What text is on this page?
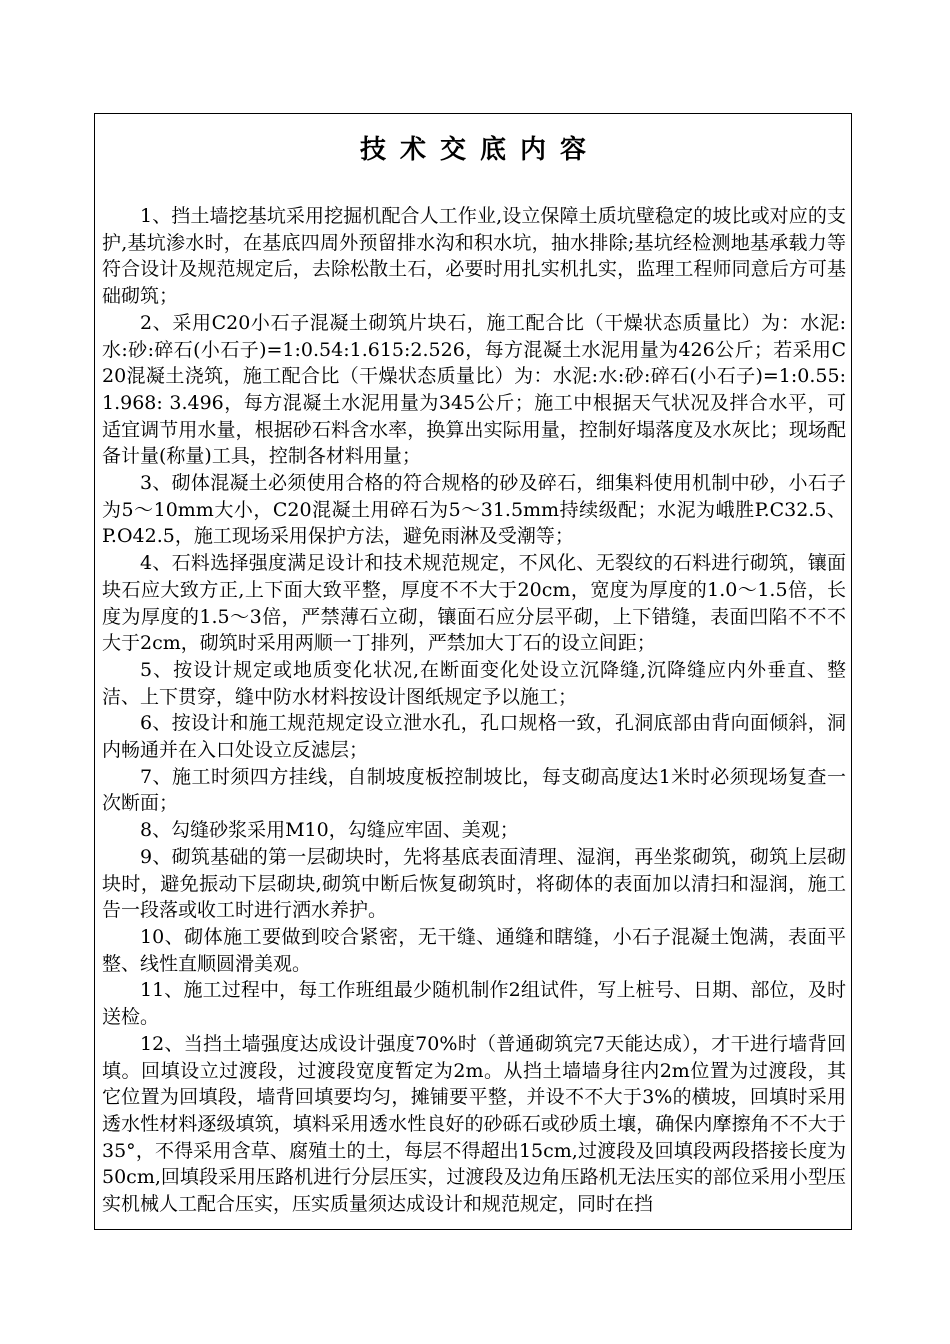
技术交底内容

1、挡土墙挖基坑采用挖掘机配合人工作业,设立保障土质坑壁稳定的坡比或对应的支护,基坑渗水时，在基底四周外预留排水沟和积水坑，抽水排除;基坑经检测地基承载力等符合设计及规范规定后，去除松散土石，必要时用扎实机扎实，监理工程师同意后方可基础砌筑；

2、采用C20小石子混凝土砌筑片块石，施工配合比（干燥状态质量比）为：水泥:水:砂:碎石(小石子)=1:0.54:1.615:2.526，每方混凝土水泥用量为426公斤；若采用C20混凝土浇筑，施工配合比（干燥状态质量比）为：水泥:水:砂:碎石(小石子)=1:0.55:1.968: 3.496，每方混凝土水泥用量为345公斤；施工中根据天气状况及拌合水平，可适宜调节用水量，根据砂石料含水率，换算出实际用量，控制好塌落度及水灰比；现场配备计量(称量)工具，控制各材料用量；

3、砌体混凝土必须使用合格的符合规格的砂及碎石，细集料使用机制中砂，小石子为5～10mm大小，C20混凝土用碎石为5～31.5mm持续级配；水泥为峨胜P.C32.5、P.O42.5，施工现场采用保护方法，避免雨淋及受潮等；

4、石料选择强度满足设计和技术规范规定，不风化、无裂纹的石料进行砌筑，镶面块石应大致方正,上下面大致平整，厚度不不大于20cm，宽度为厚度的1.0～1.5倍，长度为厚度的1.5～3倍，严禁薄石立砌，镶面石应分层平砌，上下错缝，表面凹陷不不不大于2cm，砌筑时采用两顺一丁排列，严禁加大丁石的设立间距；

5、按设计规定或地质变化状况,在断面变化处设立沉降缝,沉降缝应内外垂直、整洁、上下贯穿，缝中防水材料按设计图纸规定予以施工；

6、按设计和施工规范规定设立泄水孔，孔口规格一致，孔洞底部由背向面倾斜，洞内畅通并在入口处设立反滤层；

7、施工时须四方挂线，自制坡度板控制坡比，每支砌高度达1米时必须现场复查一次断面；

8、勾缝砂浆采用M10，勾缝应牢固、美观；

9、砌筑基础的第一层砌块时，先将基底表面清理、湿润，再坐浆砌筑，砌筑上层砌块时，避免振动下层砌块,砌筑中断后恢复砌筑时，将砌体的表面加以清扫和湿润，施工告一段落或收工时进行洒水养护。

10、砌体施工要做到咬合紧密，无干缝、通缝和瞎缝，小石子混凝土饱满，表面平整、线性直顺圆滑美观。

11、施工过程中，每工作班组最少随机制作2组试件，写上桩号、日期、部位，及时送检。

12、当挡土墙强度达成设计强度70%时（普通砌筑完7天能达成），才干进行墙背回填。回填设立过渡段，过渡段宽度暂定为2m。从挡土墙墙身往内2m位置为过渡段，其它位置为回填段，墙背回填要均匀，摊铺要平整，并设不不大于3%的横坡，回填时采用透水性材料逐级填筑，填料采用透水性良好的砂砾石或砂质土壤，确保内摩擦角不不大于35°，不得采用含草、腐殖土的土，每层不得超出15cm,过渡段及回填段两段搭接长度为50cm,回填段采用压路机进行分层压实，过渡段及边角压路机无法压实的部位采用小型压实机械人工配合压实，压实质量须达成设计和规范规定，同时在挡
